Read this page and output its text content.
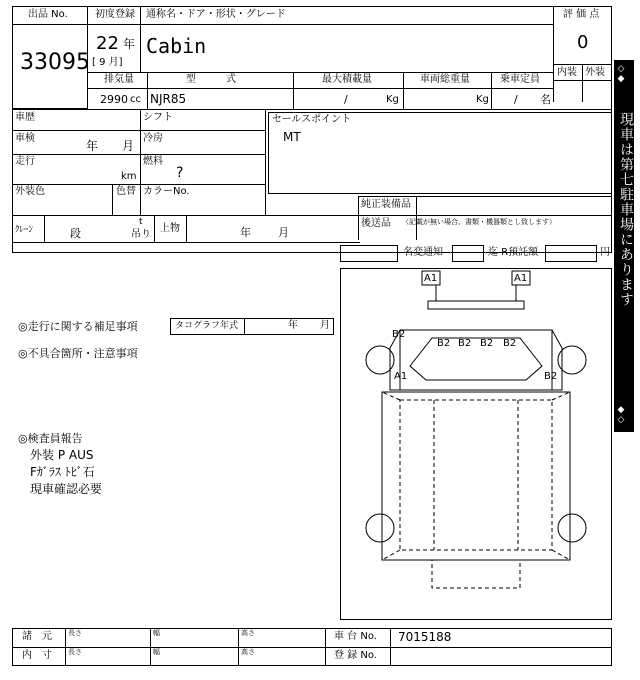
出品 No.
33095
初度登録
22 年
[ 9 月]
通称名・ドア・形状・グレード
Cabin
評 価 点
0
内装 外装
排気量
2990 cc
型　　　式
NJR85
最大積載量
/	Kg
車両総重量
Kg
乗車定員
/ 名
車歴	シフト
車検
年 月
冷房
走行
km
燃料
?
外装色	色替 カラーNo.
セールスポイント
MT
純正装備品
後送品 （記載が無い場合、書類・機器類とし致します）
ｸﾚｰﾝ	段
t
吊り
上物	年 月
名変通知	迄 R預託額	円
◎走行に関する補足事項	タコグラフ年式	年 月
◎不具合箇所・注意事項
◎検査員報告
外装 P AUS
Fｶﾞﾗｽ ﾄﾋﾞ石
現車確認必要
◇◆
現車は第七駐車場にあります
◆◇
A1	A1
B2 B2 B2 B2
B2
A1	B2
諸　元
内　寸
長さ	幅	高さ
長さ	幅	高さ
車 台 No. 7015188
登 録 No.
